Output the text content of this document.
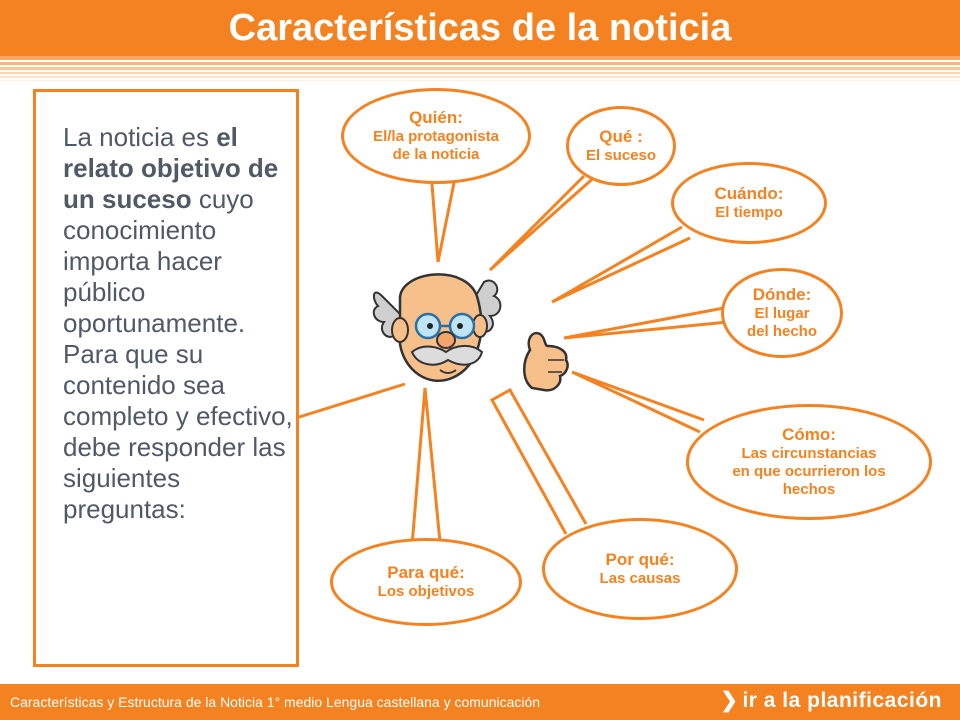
Características de la noticia
La noticia es el relato objetivo de un suceso cuyo conocimiento importa hacer público oportunamente. Para que su contenido sea completo y efectivo, debe responder las siguientes preguntas:
Quién:
El/la protagonista
de la noticia
Qué :
El suceso
Cuándo:
El tiempo
Dónde:
El lugar
del hecho
Cómo:
Las circunstancias
en que ocurrieron los
hechos
Por qué:
Las causas
Para qué:
Los objetivos
Características y Estructura de la Noticia 1° medio Lengua castellana y comunicación	❯ ir a la planificación
